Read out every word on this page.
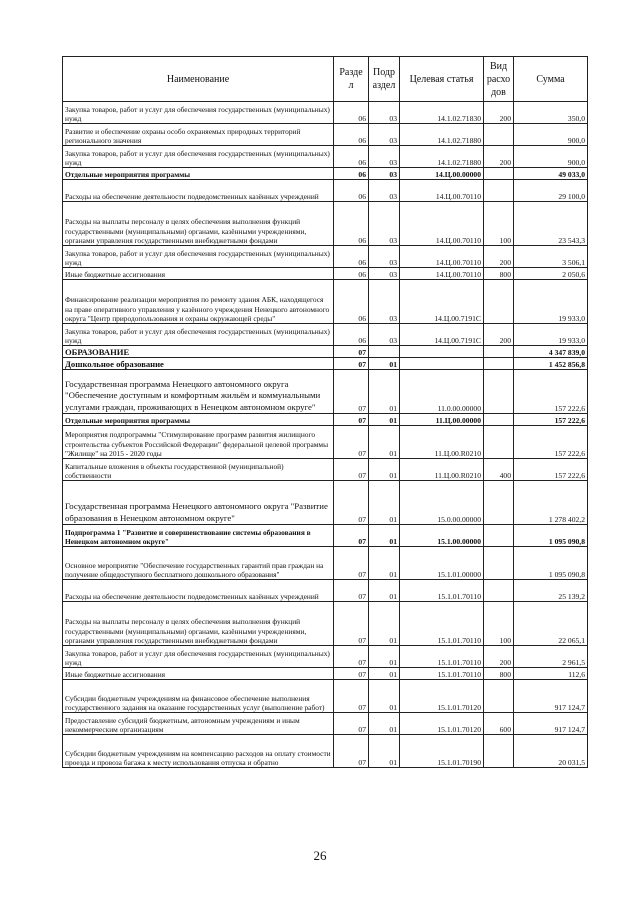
Наименование	Разде л	Подр аздел	Целевая статья	Вид расхо дов	Сумма
Закупка товаров, работ и услуг для обеспечения государственных (муниципальных) нужд	06	03	14.1.02.71830	200	350,0
Развитие и обеспечение охраны особо охраняемых природных территорий регионального значения	06	03	14.1.02.71880		900,0
Закупка товаров, работ и услуг для обеспечения государственных (муниципальных) нужд	06	03	14.1.02.71880	200	900,0
Отдельные мероприятия программы	06	03	14.Ц.00.00000		49 033,0
Расходы на обеспечение деятельности подведомственных казённых учреждений	06	03	14.Ц.00.70110		29 100,0
Расходы на выплаты персоналу в целях обеспечения выполнения функций государственными (муниципальными) органами, казёнными учреждениями, органами управления государственными внебюджетными фондами	06	03	14.Ц.00.70110	100	23 543,3
Закупка товаров, работ и услуг для обеспечения государственных (муниципальных) нужд	06	03	14.Ц.00.70110	200	3 506,1
Иные бюджетные ассигнования	06	03	14.Ц.00.70110	800	2 050,6
Финансирование реализации мероприятия по ремонту здания АБК, находящегося на праве оперативного управления у казённого учреждения Ненецкого автономного округа "Центр природопользования и охраны окружающей среды"	06	03	14.Ц.00.7191С		19 933,0
Закупка товаров, работ и услуг для обеспечения государственных (муниципальных) нужд	06	03	14.Ц.00.7191С	200	19 933,0
ОБРАЗОВАНИЕ	07				4 347 839,0
Дошкольное образование	07	01			1 452 856,8
Государственная программа Ненецкого автономного округа "Обеспечение доступным и комфортным жильём и коммунальными услугами граждан, проживающих в Ненецком автономном округе"	07	01	11.0.00.00000		157 222,6
Отдельные мероприятия программы	07	01	11.Ц.00.00000		157 222,6
Мероприятия подпрограммы "Стимулирование программ развития жилищного строительства субъектов Российской Федерации" федеральной целевой программы "Жилище" на 2015 - 2020 годы	07	01	11.Ц.00.R0210		157 222,6
Капитальные вложения в объекты государственной (муниципальной) собственности	07	01	11.Ц.00.R0210	400	157 222,6
Государственная программа Ненецкого автономного округа "Развитие образования в Ненецком автономном округе"	07	01	15.0.00.00000		1 278 402,2
Подпрограмма 1 "Развитие и совершенствование системы образования в Ненецком автономном округе"	07	01	15.1.00.00000		1 095 090,8
Основное мероприятие "Обеспечение государственных гарантий прав граждан на получение общедоступного бесплатного дошкольного образования"	07	01	15.1.01.00000		1 095 090,8
Расходы на обеспечение деятельности подведомственных казённых учреждений	07	01	15.1.01.70110		25 139,2
Расходы на выплаты персоналу в целях обеспечения выполнения функций государственными (муниципальными) органами, казёнными учреждениями, органами управления государственными внебюджетными фондами	07	01	15.1.01.70110	100	22 065,1
Закупка товаров, работ и услуг для обеспечения государственных (муниципальных) нужд	07	01	15.1.01.70110	200	2 961,5
Иные бюджетные ассигнования	07	01	15.1.01.70110	800	112,6
Субсидии бюджетным учреждениям на финансовое обеспечение выполнения государственного задания на оказание государственных услуг (выполнение работ)	07	01	15.1.01.70120		917 124,7
Предоставление субсидий бюджетным, автономным учреждениям и иным некоммерческим организациям	07	01	15.1.01.70120	600	917 124,7
Субсидии бюджетным учреждениям на компенсацию расходов на оплату стоимости проезда и провоза багажа к месту использования отпуска и обратно	07	01	15.1.01.70190		20 031,5
26
